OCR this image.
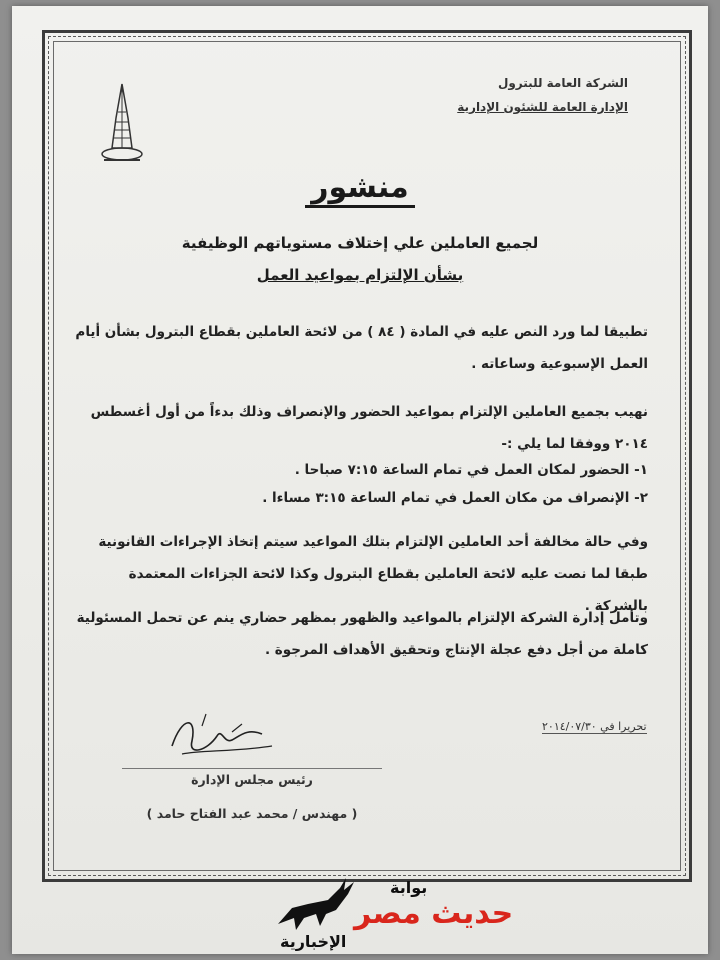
الشركة العامة للبترول
الإدارة العامة للشئون الإدارية
منشور
لجميع العاملين علي إختلاف مستوياتهم الوظيفية
بشأن الإلتزام بمواعيد العمل
تطبيقا لما ورد النص عليه في المادة ( ٨٤ ) من لائحة العاملين بقطاع البترول بشأن أيام العمل الإسبوعية وساعاته .
نهيب بجميع العاملين الإلتزام بمواعيد الحضور والإنصراف وذلك بدءاً من أول أغسطس ٢٠١٤ ووفقا لما يلي :-
١- الحضور لمكان العمل في تمام الساعة ٧:١٥ صباحا .
٢- الإنصراف من مكان العمل في تمام الساعة ٣:١٥ مساءا .
وفي حالة مخالفة أحد العاملين الإلتزام بتلك المواعيد سيتم إتخاذ الإجراءات القانونية طبقا لما نصت عليه لائحة العاملين بقطاع البترول وكذا لائحة الجزاءات المعتمدة بالشركة .
وتأمل إدارة الشركة الإلتزام بالمواعيد والظهور بمظهر حضاري ينم عن تحمل المسئولية كاملة من أجل دفع عجلة الإنتاج وتحقيق الأهداف المرجوة .
تحريرا في ٢٠١٤/٠٧/٣٠
رئيس مجلس الإدارة
( مهندس / محمد عبد الفتاح حامد )
بوابة
حديث مصر
الإخبارية
